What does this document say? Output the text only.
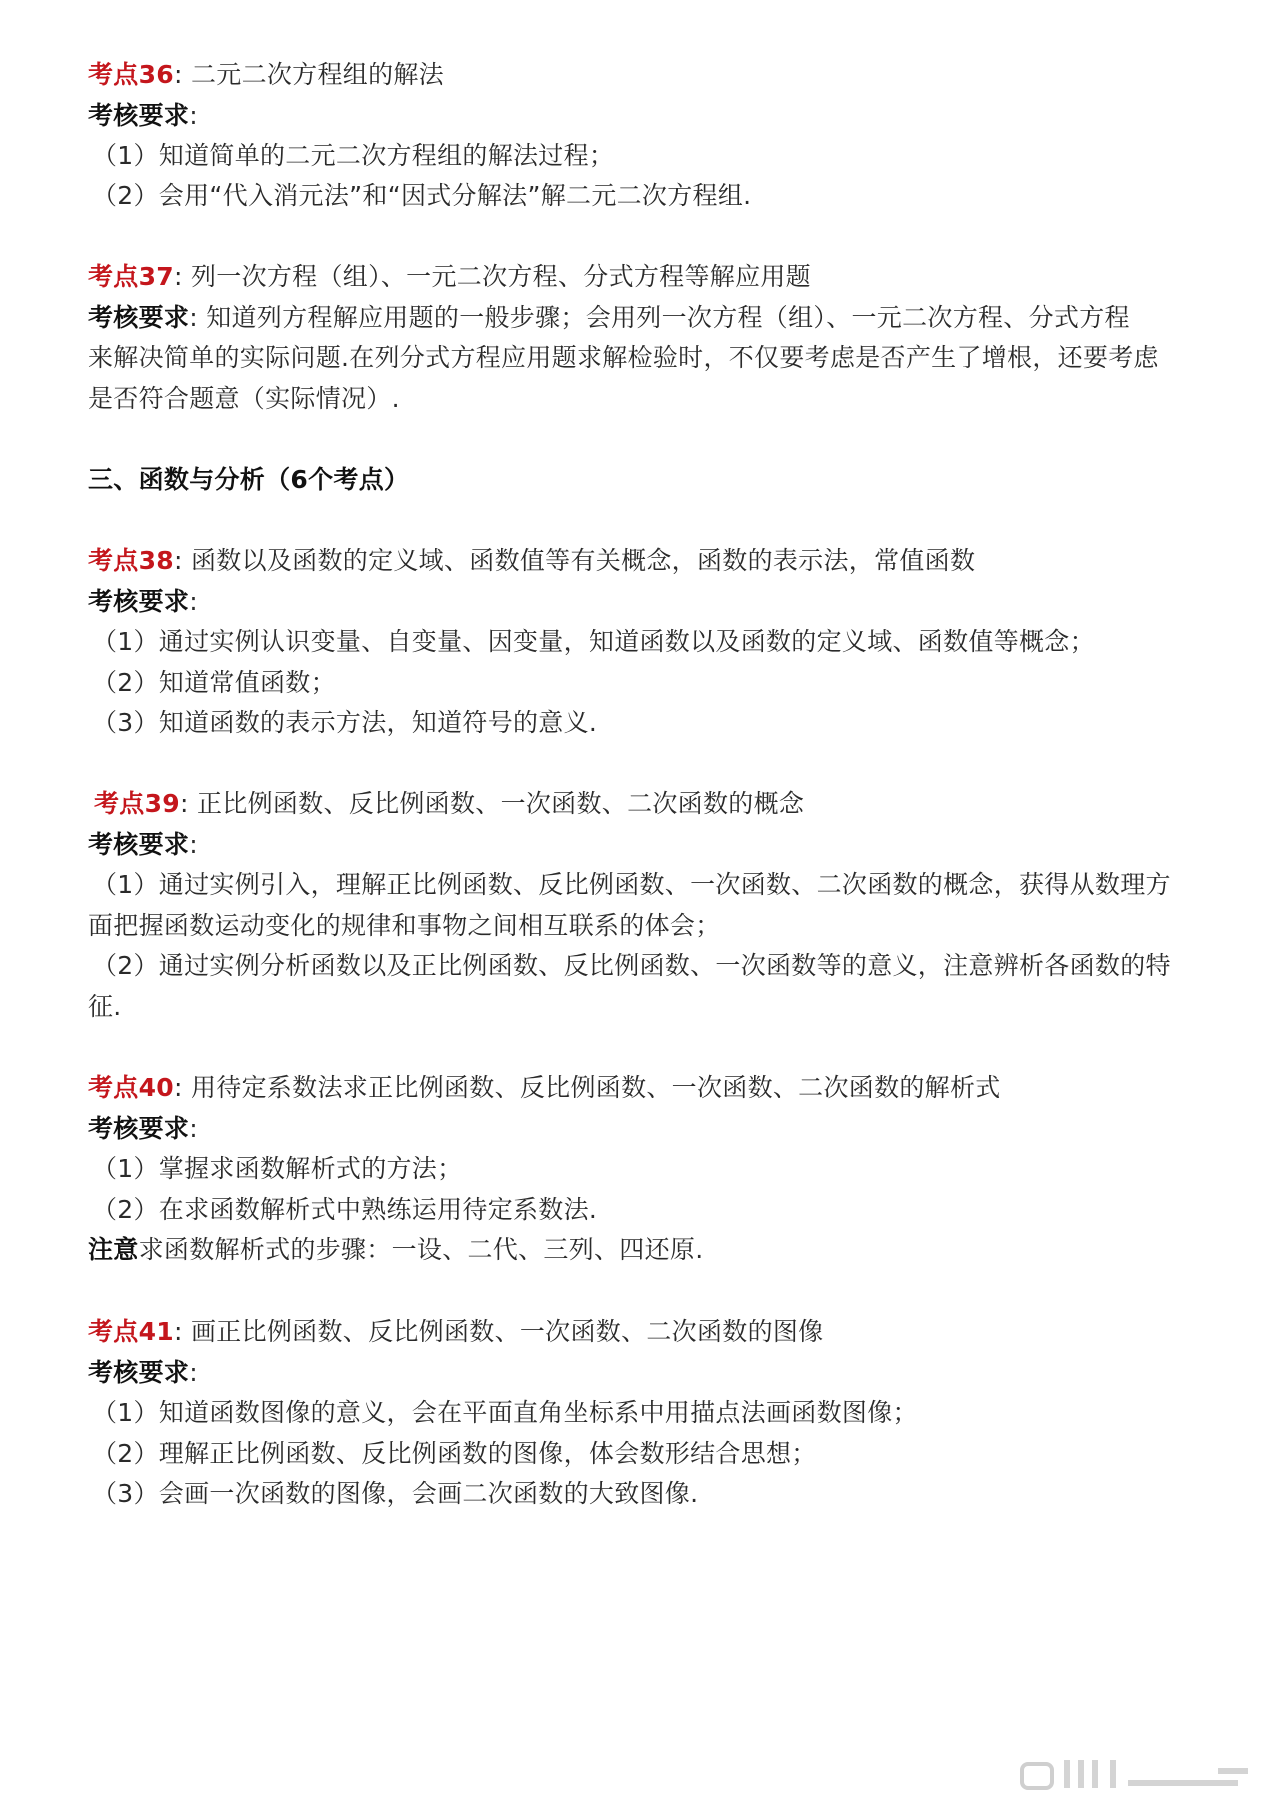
考点36: 二元二次方程组的解法
考核要求:
（1）知道简单的二元二次方程组的解法过程；
（2）会用“代入消元法”和“因式分解法”解二元二次方程组.
考点37: 列一次方程（组）、一元二次方程、分式方程等解应用题
考核要求: 知道列方程解应用题的一般步骤；会用列一次方程（组）、一元二次方程、分式方程
来解决简单的实际问题.在列分式方程应用题求解检验时，不仅要考虑是否产生了增根，还要考虑
是否符合题意（实际情况）.
三、函数与分析（6个考点）
考点38: 函数以及函数的定义域、函数值等有关概念，函数的表示法，常值函数
考核要求:
（1）通过实例认识变量、自变量、因变量，知道函数以及函数的定义域、函数值等概念；
（2）知道常值函数；
（3）知道函数的表示方法，知道符号的意义.
考点39: 正比例函数、反比例函数、一次函数、二次函数的概念
考核要求:
（1）通过实例引入，理解正比例函数、反比例函数、一次函数、二次函数的概念，获得从数理方
面把握函数运动变化的规律和事物之间相互联系的体会；
（2）通过实例分析函数以及正比例函数、反比例函数、一次函数等的意义，注意辨析各函数的特
征.
考点40: 用待定系数法求正比例函数、反比例函数、一次函数、二次函数的解析式
考核要求:
（1）掌握求函数解析式的方法；
（2）在求函数解析式中熟练运用待定系数法.
注意求函数解析式的步骤：一设、二代、三列、四还原.
考点41: 画正比例函数、反比例函数、一次函数、二次函数的图像
考核要求:
（1）知道函数图像的意义，会在平面直角坐标系中用描点法画函数图像；
（2）理解正比例函数、反比例函数的图像，体会数形结合思想；
（3）会画一次函数的图像，会画二次函数的大致图像.
